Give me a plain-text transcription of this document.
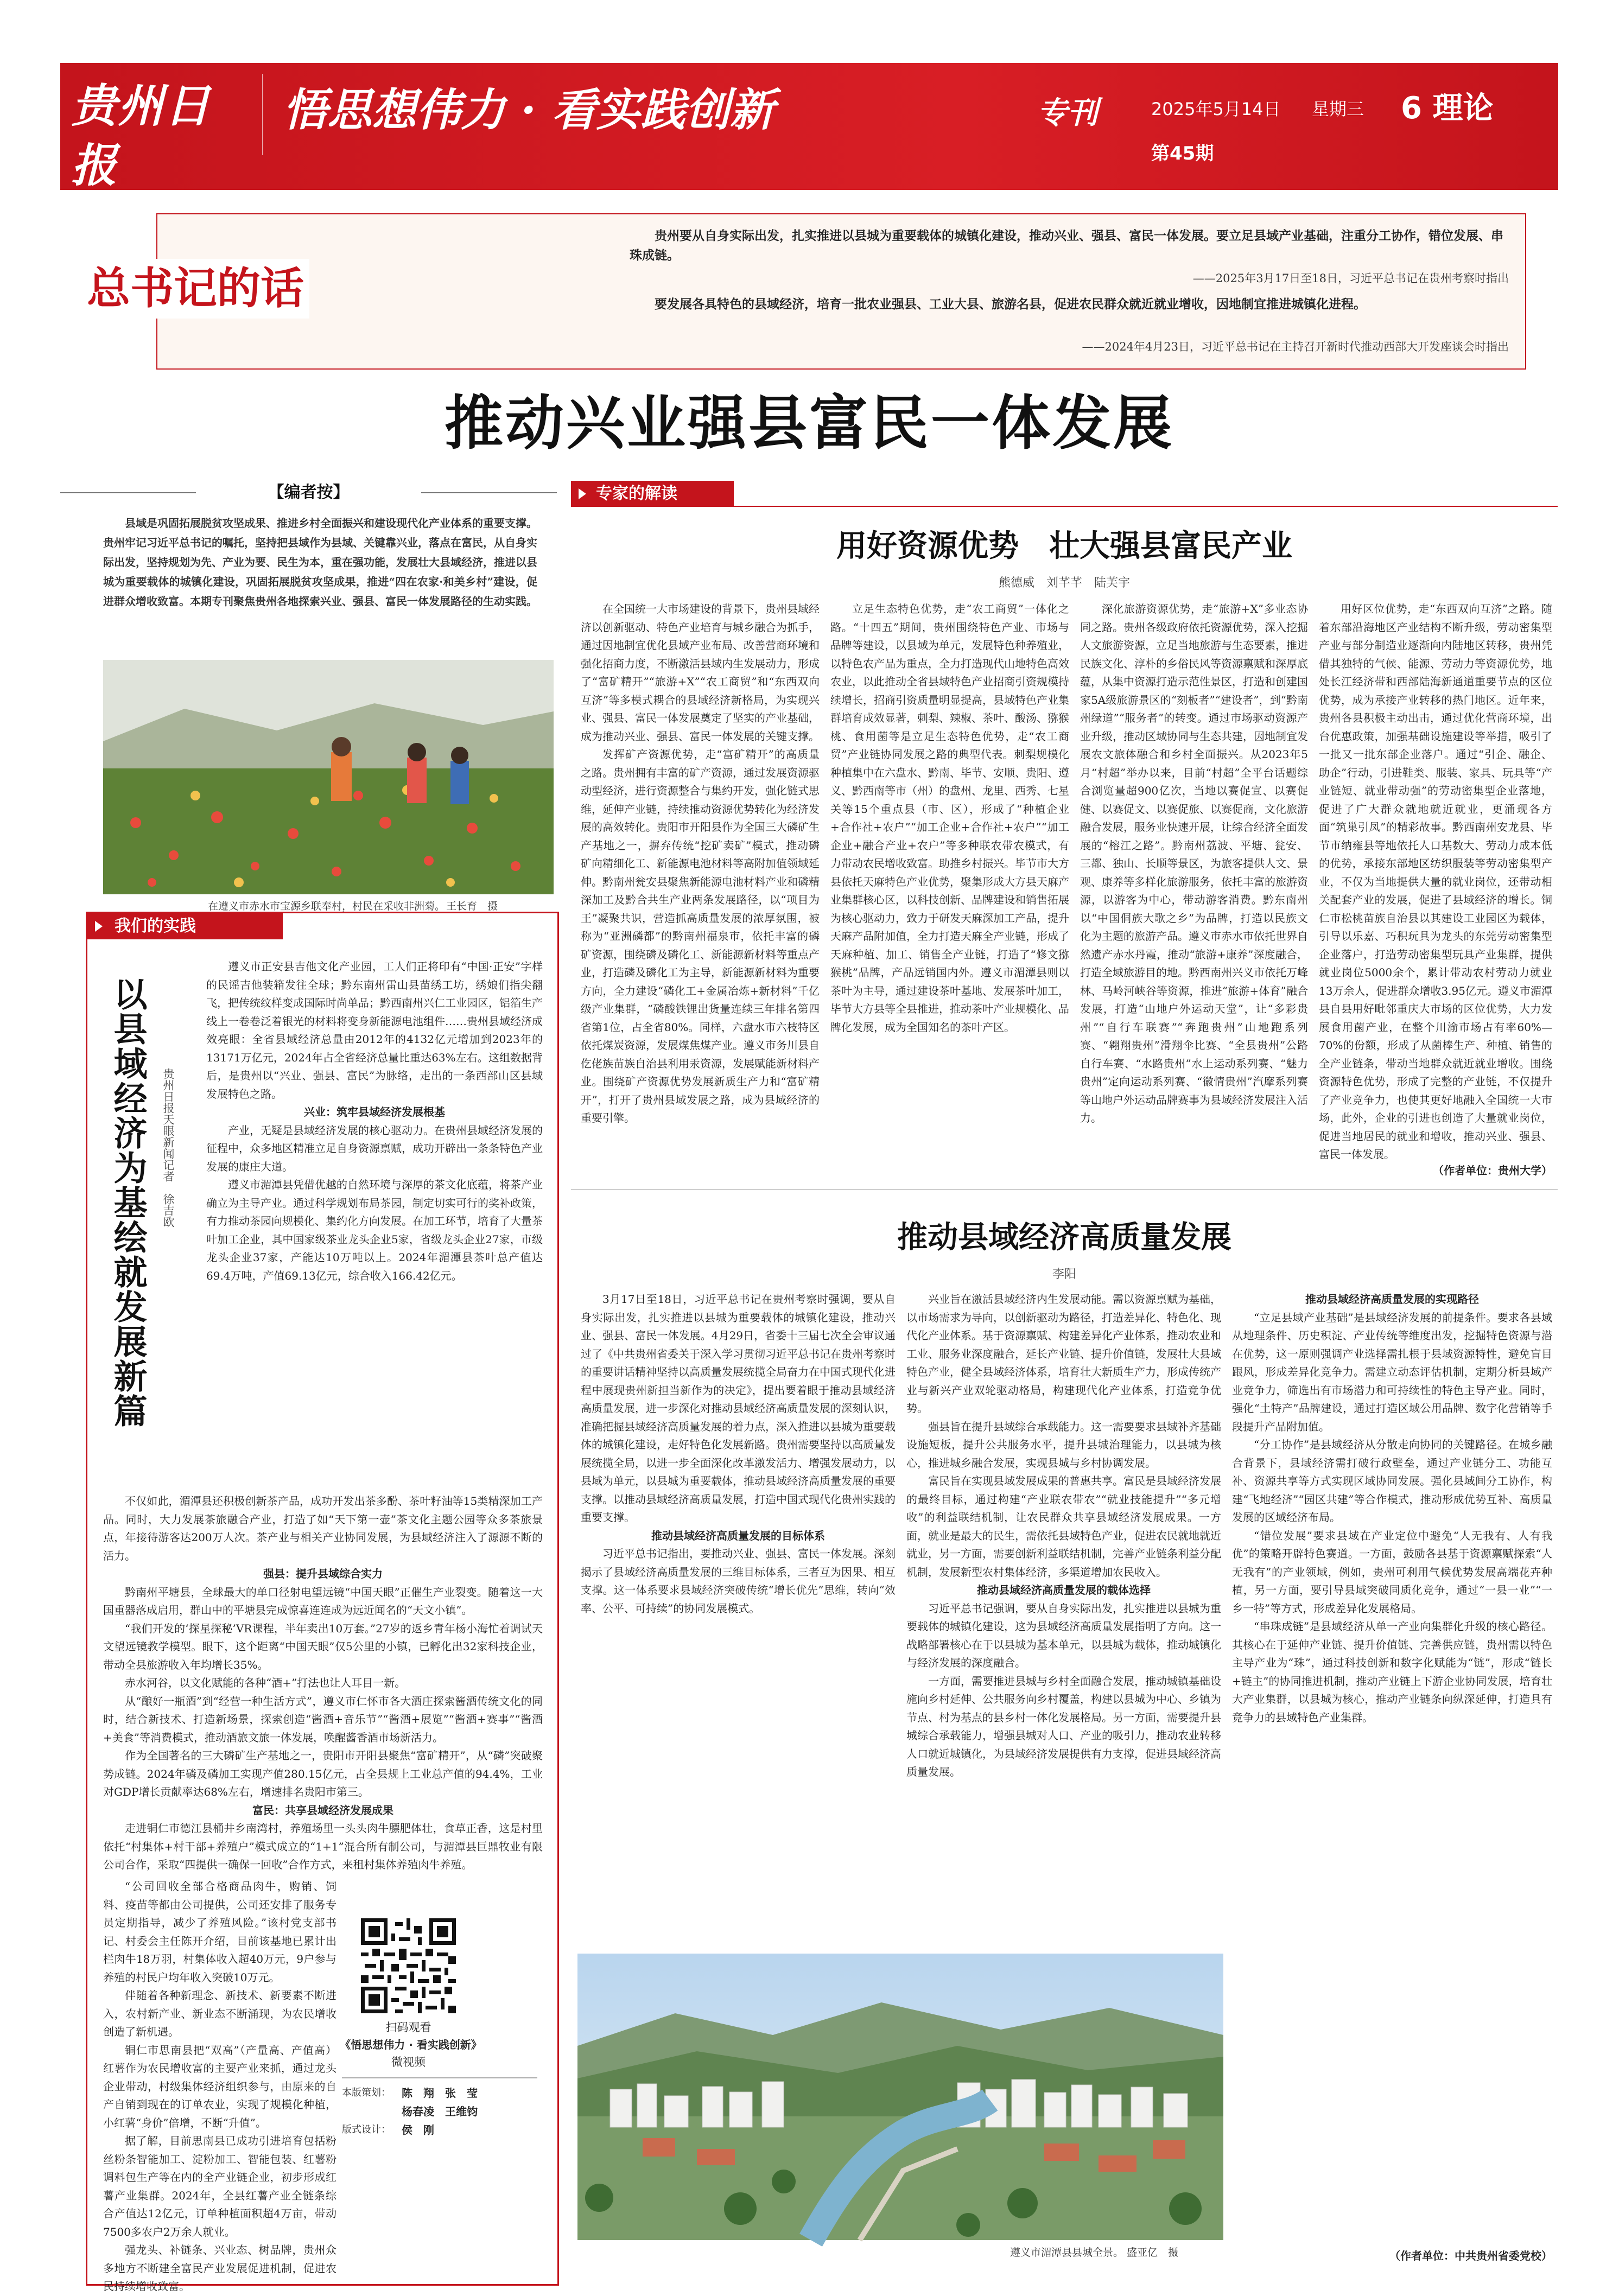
贵州日报
悟思想伟力 · 看实践创新	专刊	2025年5月14日	星期三	6 理论
第45期
总书记的话
贵州要从自身实际出发，扎实推进以县城为重要载体的城镇化建设，推动兴业、强县、富民一体发展。要立足县域产业基础，注重分工协作，错位发展、串珠成链。
——2025年3月17日至18日，习近平总书记在贵州考察时指出
要发展各具特色的县域经济，培育一批农业强县、工业大县、旅游名县，促进农民群众就近就业增收，因地制宜推进城镇化进程。
——2024年4月23日，习近平总书记在主持召开新时代推动西部大开发座谈会时指出
推动兴业强县富民一体发展
【编者按】
县域是巩固拓展脱贫攻坚成果、推进乡村全面振兴和建设现代化产业体系的重要支撑。贵州牢记习近平总书记的嘱托，坚持把县域作为县域、关键靠兴业，落点在富民，从自身实际出发，坚持规划为先、产业为要、民生为本，重在强功能，发展壮大县域经济，推进以县城为重要载体的城镇化建设，巩固拓展脱贫攻坚成果，推进“四在农家·和美乡村”建设，促进群众增收致富。本期专刊聚焦贵州各地探索兴业、强县、富民一体发展路径的生动实践。
在遵义市赤水市宝源乡联奉村，村民在采收非洲菊。 王长育　摄
我们的实践
以县域经济为基绘就发展新篇	贵州日报天眼新闻记者　徐吉欧

遵义市正安县吉他文化产业园，工人们正将印有“中国·正安”字样的民谣吉他装箱发往全球；黔东南州雷山县苗绣工坊，绣娘们指尖翻飞，把传统纹样变成国际时尚单品；黔西南州兴仁工业园区，铝箔生产线上一卷卷泛着银光的材料将变身新能源电池组件……贵州县域经济成效亮眼：全省县域经济总量由2012年的4132亿元增加到2023年的13171万亿元，2024年占全省经济总量比重达63%左右。这组数据背后，是贵州以“兴业、强县、富民”为脉络，走出的一条西部山区县域发展特色之路。

兴业：筑牢县域经济发展根基

产业，无疑是县域经济发展的核心驱动力。在贵州县域经济发展的征程中，众多地区精准立足自身资源禀赋，成功开辟出一条条特色产业发展的康庄大道。

遵义市湄潭县凭借优越的自然环境与深厚的茶文化底蕴，将茶产业确立为主导产业。通过科学规划布局茶园，制定切实可行的奖补政策，有力推动茶园向规模化、集约化方向发展。在加工环节，培育了大量茶叶加工企业，其中国家级茶业龙头企业5家，省级龙头企业27家，市级龙头企业37家，产能达10万吨以上。2024年湄潭县茶叶总产值达69.4万吨，产值69.13亿元，综合收入166.42亿元。

不仅如此，湄潭县还积极创新茶产品，成功开发出茶多酚、茶叶籽油等15类精深加工产品。同时，大力发展茶旅融合产业，打造了如“天下第一壶”茶文化主题公园等众多茶旅景点，年接待游客达200万人次。茶产业与相关产业协同发展，为县域经济注入了源源不断的活力。

强县：提升县域综合实力

黔南州平塘县，全球最大的单口径射电望远镜“中国天眼”正催生产业裂变。随着这一大国重器落成启用，群山中的平塘县完成惊喜连连成为远近闻名的“天文小镇”。

“我们开发的‘探星探秘’VR课程，半年卖出10万套。”27岁的返乡青年杨小海忙着调试天文望远镜教学模型。眼下，这个距离“中国天眼”仅5公里的小镇，已孵化出32家科技企业，带动全县旅游收入年均增长35%。

赤水河谷，以文化赋能的各种“酒+”打法也让人耳目一新。

从“酿好一瓶酒”到“经营一种生活方式”，遵义市仁怀市各大酒庄探索酱酒传统文化的同时，结合新技术、打造新场景，探索创造“酱酒+音乐节”“酱酒+展览”“酱酒+赛事”“酱酒+美食”等消费模式，推动酒旅文旅一体发展，唤醒酱香酒市场新活力。

作为全国著名的三大磷矿生产基地之一，贵阳市开阳县聚焦“富矿精开”，从“磷”突破聚势成链。2024年磷及磷加工实现产值280.15亿元，占全县规上工业总产值的94.4%，工业对GDP增长贡献率达68%左右，增速排名贵阳市第三。

富民：共享县域经济发展成果

走进铜仁市德江县桶井乡南湾村，养殖场里一头头肉牛膘肥体壮，食草正香，这是村里依托“村集体+村干部+养殖户”模式成立的“1+1”混合所有制公司，与湄潭县巨鼎牧业有限公司合作，采取“四提供一确保一回收”合作方式，来租村集体养殖肉牛养殖。

“公司回收全部合格商品肉牛，购销、饲料、疫苗等都由公司提供，公司还安排了服务专员定期指导，减少了养殖风险。”该村党支部书记、村委会主任陈开介绍，目前该基地已累计出栏肉牛18万羽，村集体收入超40万元，9户参与养殖的村民户均年收入突破10万元。

伴随着各种新理念、新技术、新要素不断进入，农村新产业、新业态不断涌现，为农民增收创造了新机遇。

铜仁市思南县把“双高”（产量高、产值高）红薯作为农民增收富的主要产业来抓，通过龙头企业带动，村级集体经济组织参与，由原来的自产自销到现在的订单农业，实现了规模化种植，小红薯“身价”倍增，不断“升值”。

据了解，目前思南县已成功引进培育包括粉丝粉条智能加工、淀粉加工、智能包装、红薯粉调料包生产等在内的全产业链企业，初步形成红薯产业集群。2024年，全县红薯产业全链条综合产值达12亿元，订单种植面积超4万亩，带动7500多农户2万余人就业。

强龙头、补链条、兴业态、树品牌，贵州众多地方不断建全富民产业发展促进机制，促进农民持续增收致富。

扫码观看
《悟思想伟力 · 看实践创新》
微视频
本版策划：	陈　翔　张　莹
杨春凌　王维钧
版式设计：	侯　刚
专家的解读
用好资源优势　壮大强县富民产业
熊德威　刘芊芊　陆芙宇

在全国统一大市场建设的背景下，贵州县域经济以创新驱动、特色产业培育与城乡融合为抓手，通过因地制宜优化县域产业布局、改善营商环境和强化招商力度，不断激活县域内生发展动力，形成了“富矿精开”“旅游+X”“农工商贸”和“东西双向互济”等多模式耦合的县域经济新格局，为实现兴业、强县、富民一体发展奠定了坚实的产业基础，成为推动兴业、强县、富民一体发展的关键支撑。

发挥矿产资源优势，走“富矿精开”的高质量之路。贵州拥有丰富的矿产资源，通过发展资源驱动型经济，进行资源整合与集约开发，强化链式思维，延伸产业链，持续推动资源优势转化为经济发展的高效转化。贵阳市开阳县作为全国三大磷矿生产基地之一，摒弃传统“挖矿卖矿”模式，推动磷矿向精细化工、新能源电池材料等高附加值领域延伸。黔南州瓮安县聚焦新能源电池材料产业和磷精深加工及黔合共生产业两条发展路径，以“项目为王”凝聚共识，营造抓高质量发展的浓厚氛围，被称为“亚洲磷都”的黔南州福泉市，依托丰富的磷矿资源，围绕磷及磷化工、新能源新材料等重点产业，打造磷及磷化工为主导，新能源新材料为重要方向，全力建设“磷化工+金属冶炼+新材料”千亿级产业集群，“磷酸铁锂出货量连续三年排名第四省第1位，占全省80%。同样，六盘水市六枝特区依托煤炭资源，发展煤焦煤产业。遵义市务川县自仡佬族苗族自治县利用汞资源，发展赋能新材料产业。围绕矿产资源优势发展新质生产力和“富矿精开”，打开了贵州县域发展之路，成为县域经济的重要引擎。

立足生态特色优势，走“农工商贸”一体化之路。“十四五”期间，贵州围绕特色产业、市场与品牌等建设，以县域为单元，发展特色种养殖业，以特色农产品为重点，全力打造现代山地特色高效农业，以此推动全省县域特色产业招商引资规模持续增长，招商引资质量明显提高，县域特色产业集群培育成效显著，刺梨、辣椒、茶叶、酸汤、猕猴桃、食用菌等是立足生态特色优势，走“农工商贸”产业链协同发展之路的典型代表。刺梨规模化种植集中在六盘水、黔南、毕节、安顺、贵阳、遵义、黔西南等市（州）的盘州、龙里、西秀、七星关等15个重点县（市、区），形成了“种植企业+合作社+农户”“加工企业+合作社+农户”“加工企业+融合产业+农户”等多种联农带农模式，有力带动农民增收致富。助推乡村振兴。毕节市大方县依托天麻特色产业优势，聚集形成大方县天麻产业集群核心区，以科技创新、品牌建设和销售拓展为核心驱动力，致力于研发天麻深加工产品，提升天麻产品附加值，全力打造天麻全产业链，形成了天麻种植、加工、销售全产业链，打造了“修文猕猴桃”品牌，产品远销国内外。遵义市湄潭县则以茶叶为主导，通过建设茶叶基地、发展茶叶加工，毕节大方县等全县推进，推动茶叶产业规模化、品牌化发展，成为全国知名的茶叶产区。

深化旅游资源优势，走“旅游+X”多业态协同之路。贵州各级政府依托资源优势，深入挖掘人文旅游资源，立足当地旅游与生态要素，推进民族文化、淳朴的乡俗民风等资源禀赋和深厚底蕴，从集中资源打造示范性景区，打造和创建国家5A级旅游景区的“刻板者”“建设者”，到“黔南州绿道”“服务者”的转变。通过市场驱动资源产业升级，推动区域协同与生态共建，因地制宜发展农文旅体融合和乡村全面振兴。从2023年5月“村超”举办以来，目前“村超”全平台话题综合浏览量超900亿次，当地以赛促宣、以赛促健、以赛促文、以赛促旅、以赛促商，文化旅游融合发展，服务业快速开展，让综合经济全面发展的“榕江之路”。黔南州荔波、平塘、瓮安、三都、独山、长顺等景区，为旅客提供人文、景观、康养等多样化旅游服务，依托丰富的旅游资源，以游客为中心，带动游客消费。黔东南州以“中国侗族大歌之乡”为品牌，打造以民族文化为主题的旅游产品。遵义市赤水市依托世界自然遗产赤水丹霞，推动“旅游+康养”深度融合，打造全域旅游目的地。黔西南州兴义市依托万峰林、马岭河峡谷等资源，推进“旅游+体育”融合发展，打造“山地户外运动天堂”，让“多彩贵州”“自行车联赛”“奔跑贵州”山地跑系列赛、“翱翔贵州”滑翔伞比赛、“全县贵州”公路自行车赛、“水路贵州”水上运动系列赛、“魅力贵州”定向运动系列赛、“徽情贵州”汽摩系列赛等山地户外运动品牌赛事为县域经济发展注入活力。

用好区位优势，走“东西双向互济”之路。随着东部沿海地区产业结构不断升级，劳动密集型产业与部分制造业逐渐向内陆地区转移，贵州凭借其独特的气候、能源、劳动力等资源优势，地处长江经济带和西部陆海新通道重要节点的区位优势，成为承接产业转移的热门地区。近年来，贵州各县积极主动出击，通过优化营商环境，出台优惠政策，加强基础设施建设等举措，吸引了一批又一批东部企业落户。通过“引企、融企、助企”行动，引进鞋类、服装、家具、玩具等“产业链短、就业带动强”的劳动密集型企业落地，促进了广大群众就地就近就业，更涌现各方面“筑巢引凤”的精彩故事。黔西南州安龙县、毕节市纳雍县等地依托人口基数大、劳动力成本低的优势，承接东部地区纺织服装等劳动密集型产业，不仅为当地提供大量的就业岗位，还带动相关配套产业的发展，促进了县域经济的增长。铜仁市松桃苗族自治县以其建设工业园区为载体，引导以乐嘉、巧积玩具为龙头的东莞劳动密集型企业落户，打造劳动密集型玩具产业集群，提供就业岗位5000余个，累计带动农村劳动力就业13万余人，促进群众增收3.95亿元。遵义市湄潭县自县用好毗邻重庆大市场的区位优势，大力发展食用菌产业，在整个川渝市场占有率60%—70%的份额，形成了从菌棒生产、种植、销售的全产业链条，带动当地群众就近就业增收。围绕资源特色优势，形成了完整的产业链，不仅提升了产业竞争力，也使其更好地融入全国统一大市场，此外，企业的引进也创造了大量就业岗位，促进当地居民的就业和增收，推动兴业、强县、富民一体发展。

（作者单位：贵州大学）
推动县域经济高质量发展
李阳

3月17日至18日，习近平总书记在贵州考察时强调，要从自身实际出发，扎实推进以县城为重要载体的城镇化建设，推动兴业、强县、富民一体发展。4月29日，省委十三届七次全会审议通过了《中共贵州省委关于深入学习贯彻习近平总书记在贵州考察时的重要讲话精神坚持以高质量发展统揽全局奋力在中国式现代化进程中展现贵州新担当新作为的决定》，提出要着眼于推动县域经济高质量发展，进一步深化对推动县域经济高质量发展的深刻认识，准确把握县域经济高质量发展的着力点，深入推进以县城为重要载体的城镇化建设，走好特色化发展新路。贵州需要坚持以高质量发展统揽全局，以进一步全面深化改革激发活力、增强发展动力，以县域为单元，以县城为重要载体，推动县域经济高质量发展的重要支撑。以推动县域经济高质量发展，打造中国式现代化贵州实践的重要支撑。

推动县域经济高质量发展的目标体系

习近平总书记指出，要推动兴业、强县、富民一体发展。深刻揭示了县域经济高质量发展的三维目标体系，三者互为因果、相互支撑。这一体系要求县域经济突破传统“增长优先”思维，转向“效率、公平、可持续”的协同发展模式。

兴业旨在激活县域经济内生发展动能。需以资源禀赋为基础，以市场需求为导向，以创新驱动为路径，打造差异化、特色化、现代化产业体系。基于资源禀赋、构建差异化产业体系，推动农业和工业、服务业深度融合，延长产业链、提升价值链，发展壮大县域特色产业，健全县域经济体系，培育壮大新质生产力，形成传统产业与新兴产业双轮驱动格局，构建现代化产业体系，打造竞争优势。

强县旨在提升县域综合承载能力。这一需要要求县域补齐基础设施短板，提升公共服务水平，提升县城治理能力，以县城为核心，推进城乡融合发展，实现县城与乡村协调发展。

富民旨在实现县域发展成果的普惠共享。富民是县域经济发展的最终目标，通过构建“产业联农带农”“就业技能提升”“多元增收”的利益联结机制，让农民群众共享县域经济发展成果。一方面，就业是最大的民生，需依托县域特色产业，促进农民就地就近就业，另一方面，需要创新利益联结机制，完善产业链条利益分配机制，发展新型农村集体经济，多渠道增加农民收入。

推动县域经济高质量发展的载体选择

习近平总书记强调，要从自身实际出发，扎实推进以县城为重要载体的城镇化建设，这为县域经济高质量发展指明了方向。这一战略部署核心在于以县城为基本单元，以县城为载体，推动城镇化与经济发展的深度融合。

一方面，需要推进县城与乡村全面融合发展，推动城镇基础设施向乡村延伸、公共服务向乡村覆盖，构建以县城为中心、乡镇为节点、村为基点的县乡村一体化发展格局。另一方面，需要提升县城综合承载能力，增强县城对人口、产业的吸引力，推动农业转移人口就近城镇化，为县域经济发展提供有力支撑，促进县域经济高质量发展。

推动县域经济高质量发展的实现路径

“立足县域产业基础”是县域经济发展的前提条件。要求各县域从地理条件、历史积淀、产业传统等维度出发，挖掘特色资源与潜在优势，这一原则强调产业选择需扎根于县域资源特性，避免盲目跟风，形成差异化竞争力。需建立动态评估机制，定期分析县域产业竞争力，筛选出有市场潜力和可持续性的特色主导产业。同时，强化“土特产”品牌建设，通过打造区域公用品牌、数字化营销等手段提升产品附加值。

“分工协作”是县域经济从分散走向协同的关键路径。在城乡融合背景下，县域经济需打破行政壁垒，通过产业链分工、功能互补、资源共享等方式实现区域协同发展。强化县域间分工协作，构建“飞地经济”“园区共建”等合作模式，推动形成优势互补、高质量发展的区域经济布局。

“错位发展”要求县域在产业定位中避免“人无我有、人有我优”的策略开辟特色赛道。一方面，鼓励各县基于资源禀赋探索“人无我有”的产业领域，例如，贵州可利用气候优势发展高端花卉种植，另一方面，要引导县域突破同质化竞争，通过“一县一业”“一乡一特”等方式，形成差异化发展格局。

“串珠成链”是县域经济从单一产业向集群化升级的核心路径。其核心在于延伸产业链、提升价值链、完善供应链，贵州需以特色主导产业为“珠”，通过科技创新和数字化赋能为“链”，形成“链长+链主”的协同推进机制，推动产业链上下游企业协同发展，培育壮大产业集群，以县城为核心，推动产业链条向纵深延伸，打造具有竞争力的县域特色产业集群。

遵义市湄潭县县城全景。 盛亚亿　摄	（作者单位：中共贵州省委党校）
